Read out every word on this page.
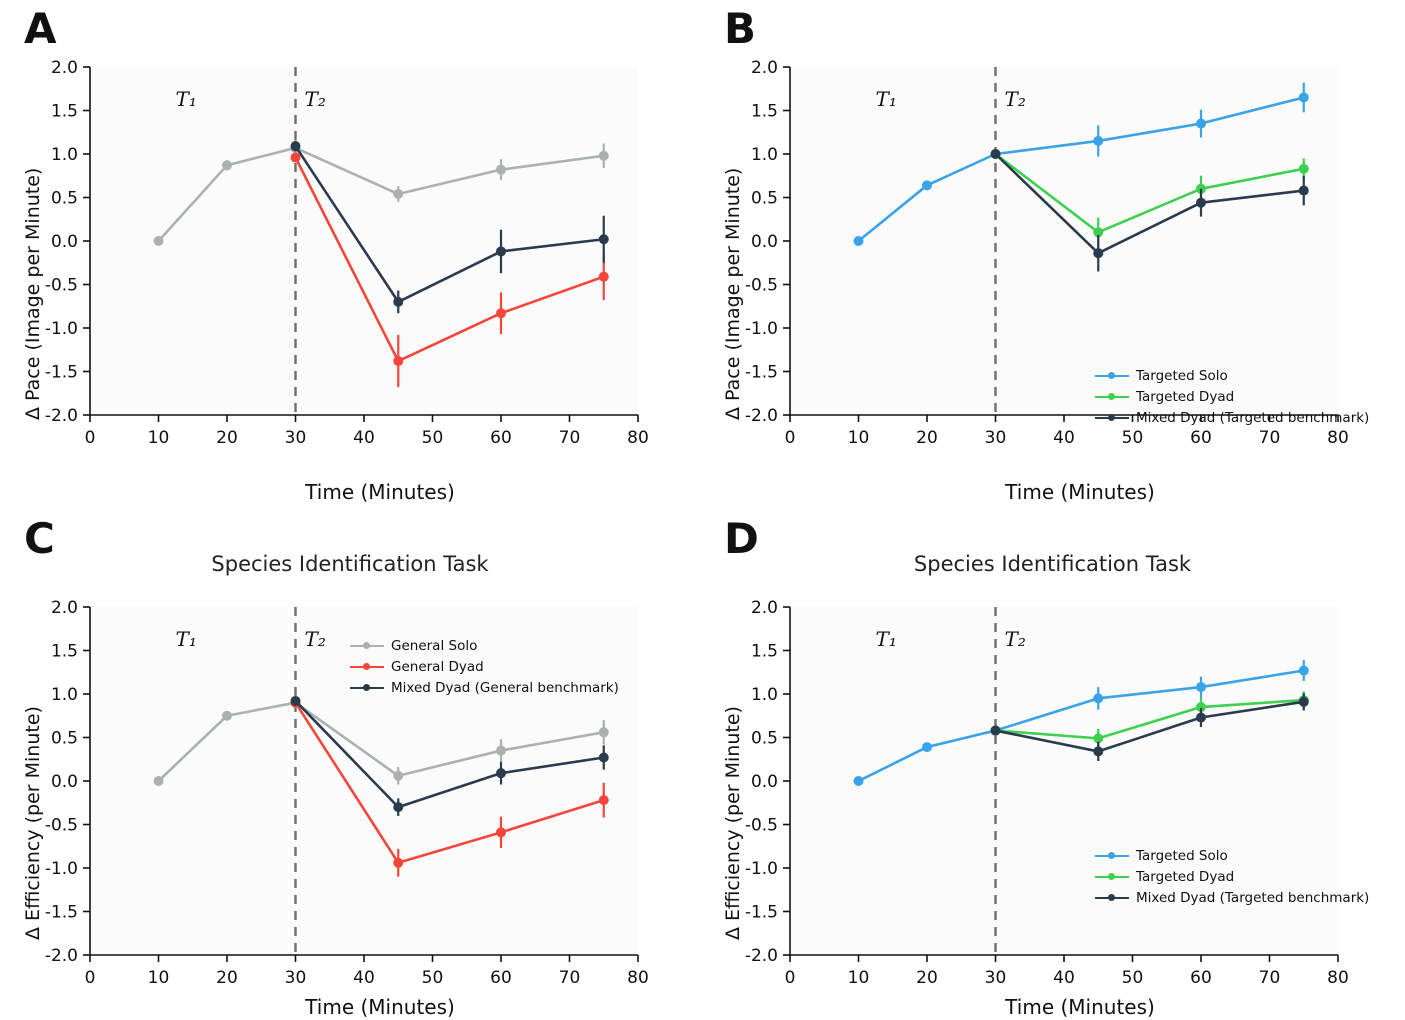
A
-2.0
-1.5
-1.0
-0.5
0.0
0.5
1.0
1.5
2.0
0	10	20	30	40	50	60	70	80
T₁	T₂
Time (Minutes)
Δ Pace (Image per Minute)
B
-2.0
-1.5
-1.0
-0.5
0.0
0.5
1.0
1.5
2.0
0	10	20	30	40	50	60	70	80
T₁	T₂
Time (Minutes)
Δ Pace (Image per Minute)	Targeted Solo
Targeted Dyad
Mixed Dyad (Targeted benchmark)
C
Species Identification Task
-2.0
-1.5
-1.0
-0.5
0.0
0.5
1.0
1.5
2.0
0	10	20	30	40	50	60	70	80
T₁	T₂
Time (Minutes)
Δ Efficiency (per Minute)
General Solo
General Dyad
Mixed Dyad (General benchmark)
D
Species Identification Task
-2.0
-1.5
-1.0
-0.5
0.0
0.5
1.0
1.5
2.0
0	10	20	30	40	50	60	70	80
T₁	T₂
Time (Minutes)
Δ Efficiency (per Minute)	Targeted Solo
Targeted Dyad
Mixed Dyad (Targeted benchmark)
